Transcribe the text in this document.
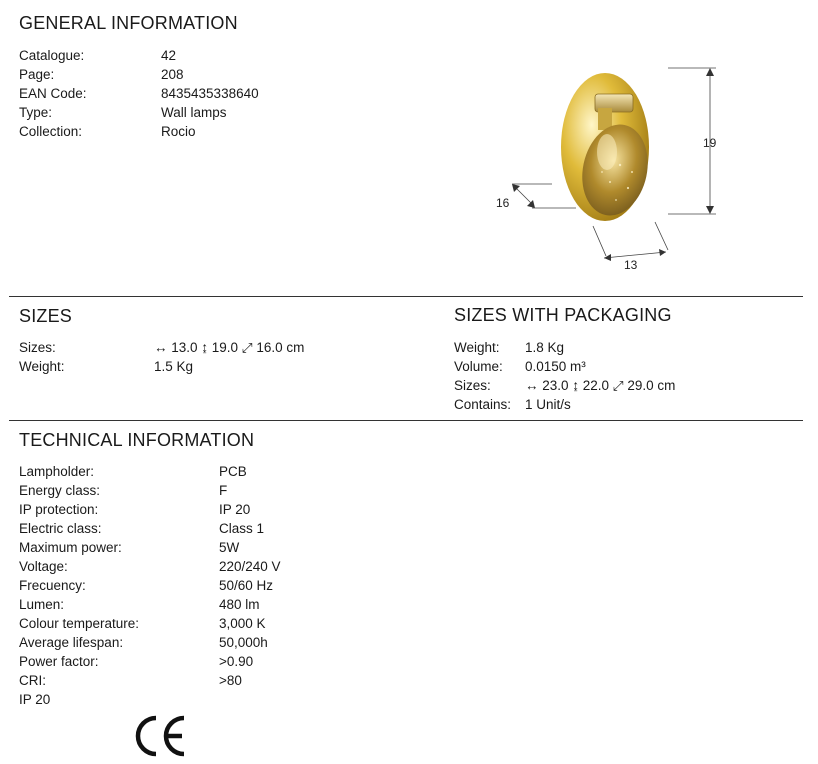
GENERAL INFORMATION
Catalogue:	42
Page:	208
EAN Code:	8435435338640
Type:	Wall lamps
Collection:	Rocio
19
16
13
SIZES
Sizes:	↔ 13.0 ↨ 19.0 ⤢ 16.0 cm
Weight:	1.5 Kg
SIZES WITH PACKAGING
Weight: 1.8 Kg
Volume: 0.0150 m³
Sizes:	↔ 23.0 ↨ 22.0 ⤢ 29.0 cm
Contains: 1 Unit/s
TECHNICAL INFORMATION
Lampholder:	PCB
Energy class:	F
IP protection:	IP 20
Electric class:	Class 1
Maximum power:	5W
Voltage:	220/240 V
Frecuency:	50/60 Hz
Lumen:	480 lm
Colour temperature:	3,000 K
Average lifespan:	50,000h
Power factor:	>0.90
CRI:	>80
IP 20
